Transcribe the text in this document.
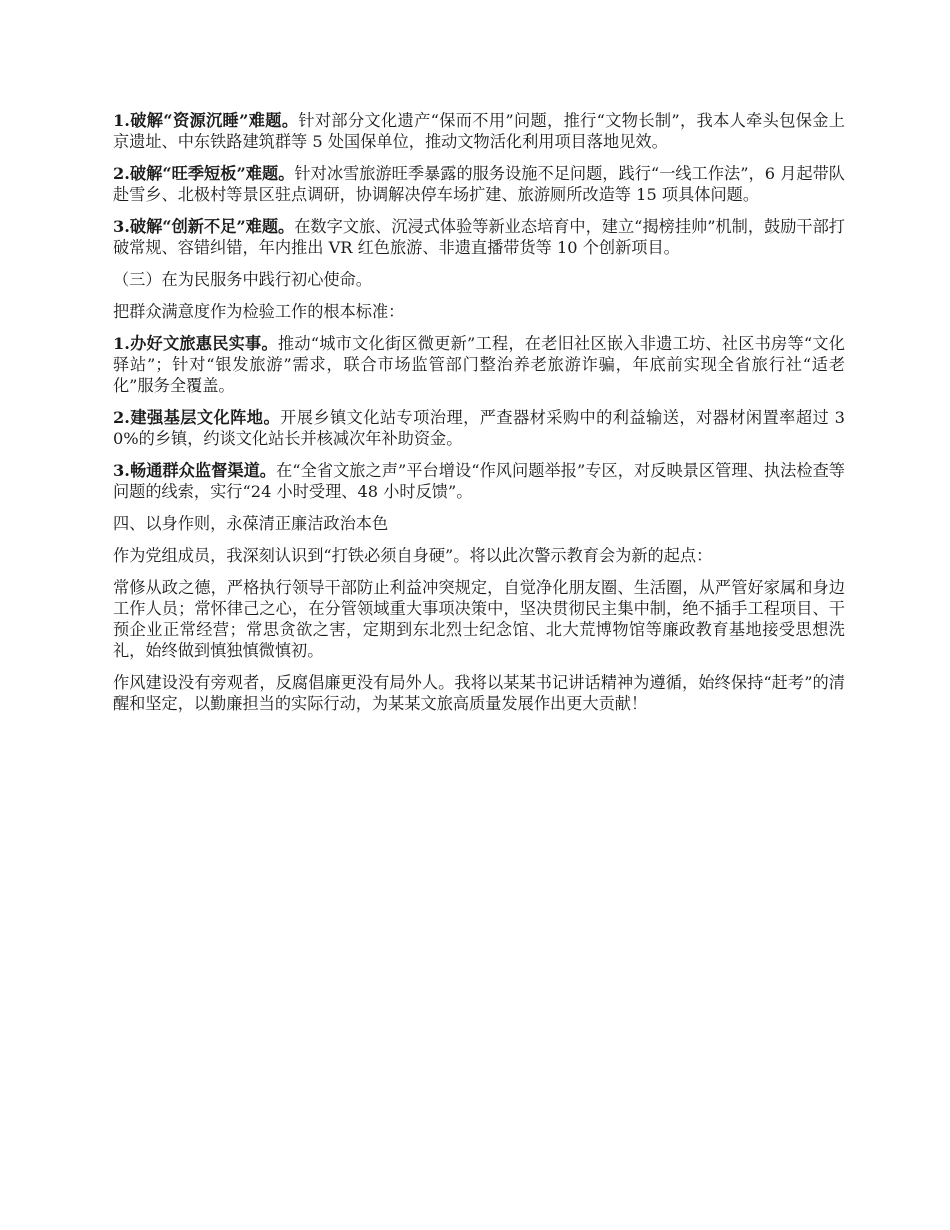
1.破解“资源沉睡”难题。针对部分文化遗产“保而不用”问题，推行“文物长制”，我本人牵头包保金上京遗址、中东铁路建筑群等 5 处国保单位，推动文物活化利用项目落地见效。

2.破解“旺季短板”难题。针对冰雪旅游旺季暴露的服务设施不足问题，践行“一线工作法”，6 月起带队赴雪乡、北极村等景区驻点调研，协调解决停车场扩建、旅游厕所改造等 15 项具体问题。

3.破解“创新不足”难题。在数字文旅、沉浸式体验等新业态培育中，建立“揭榜挂帅”机制，鼓励干部打破常规、容错纠错，年内推出 VR 红色旅游、非遗直播带货等 10 个创新项目。

（三）在为民服务中践行初心使命。

把群众满意度作为检验工作的根本标准：

1.办好文旅惠民实事。推动“城市文化街区微更新”工程，在老旧社区嵌入非遗工坊、社区书房等“文化驿站”；针对“银发旅游”需求，联合市场监管部门整治养老旅游诈骗，年底前实现全省旅行社“适老化”服务全覆盖。

2.建强基层文化阵地。开展乡镇文化站专项治理，严查器材采购中的利益输送，对器材闲置率超过 30%的乡镇，约谈文化站长并核减次年补助资金。

3.畅通群众监督渠道。在“全省文旅之声”平台增设“作风问题举报”专区，对反映景区管理、执法检查等问题的线索，实行“24 小时受理、48 小时反馈”。

四、以身作则，永葆清正廉洁政治本色

作为党组成员，我深刻认识到“打铁必须自身硬”。将以此次警示教育会为新的起点：

常修从政之德，严格执行领导干部防止利益冲突规定，自觉净化朋友圈、生活圈，从严管好家属和身边工作人员；常怀律己之心，在分管领域重大事项决策中，坚决贯彻民主集中制，绝不插手工程项目、干预企业正常经营；常思贪欲之害，定期到东北烈士纪念馆、北大荒博物馆等廉政教育基地接受思想洗礼，始终做到慎独慎微慎初。

作风建设没有旁观者，反腐倡廉更没有局外人。我将以某某书记讲话精神为遵循，始终保持“赶考”的清醒和坚定，以勤廉担当的实际行动，为某某文旅高质量发展作出更大贡献！
